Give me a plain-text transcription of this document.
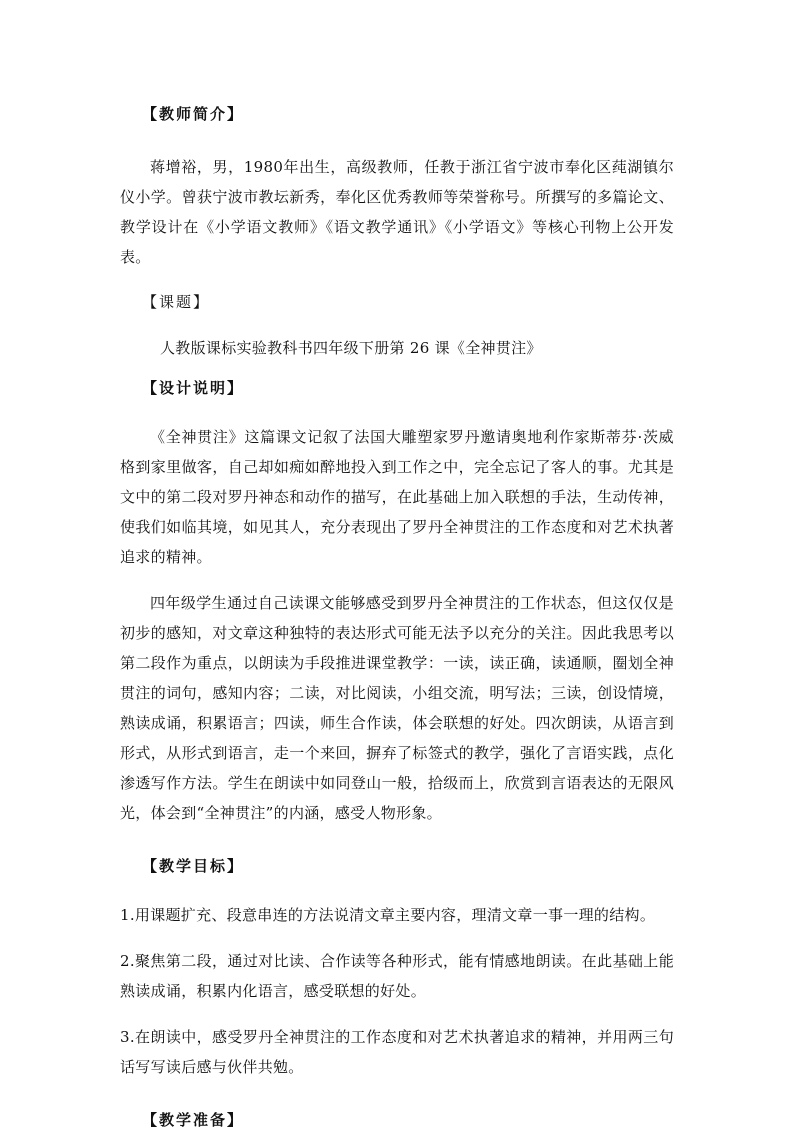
【教师简介】

蒋增裕，男，1980年出生，高级教师，任教于浙江省宁波市奉化区莼湖镇尔仪小学。曾获宁波市教坛新秀，奉化区优秀教师等荣誉称号。所撰写的多篇论文、教学设计在《小学语文教师》《语文教学通讯》《小学语文》等核心刊物上公开发表。

【课题】

人教版课标实验教科书四年级下册第 26 课《全神贯注》

【设计说明】

《全神贯注》这篇课文记叙了法国大雕塑家罗丹邀请奥地利作家斯蒂芬·茨威格到家里做客，自己却如痴如醉地投入到工作之中，完全忘记了客人的事。尤其是文中的第二段对罗丹神态和动作的描写，在此基础上加入联想的手法，生动传神，使我们如临其境，如见其人，充分表现出了罗丹全神贯注的工作态度和对艺术执著追求的精神。

四年级学生通过自己读课文能够感受到罗丹全神贯注的工作状态，但这仅仅是初步的感知，对文章这种独特的表达形式可能无法予以充分的关注。因此我思考以第二段作为重点，以朗读为手段推进课堂教学：一读，读正确，读通顺，圈划全神贯注的词句，感知内容；二读，对比阅读，小组交流，明写法；三读，创设情境，熟读成诵，积累语言；四读，师生合作读，体会联想的好处。四次朗读，从语言到形式，从形式到语言，走一个来回，摒弃了标签式的教学，强化了言语实践，点化渗透写作方法。学生在朗读中如同登山一般，拾级而上，欣赏到言语表达的无限风光，体会到“全神贯注”的内涵，感受人物形象。

【教学目标】

1.用课题扩充、段意串连的方法说清文章主要内容，理清文章一事一理的结构。

2.聚焦第二段，通过对比读、合作读等各种形式，能有情感地朗读。在此基础上能熟读成诵，积累内化语言，感受联想的好处。

3.在朗读中，感受罗丹全神贯注的工作态度和对艺术执著追求的精神，并用两三句话写写读后感与伙伴共勉。

【教学准备】
